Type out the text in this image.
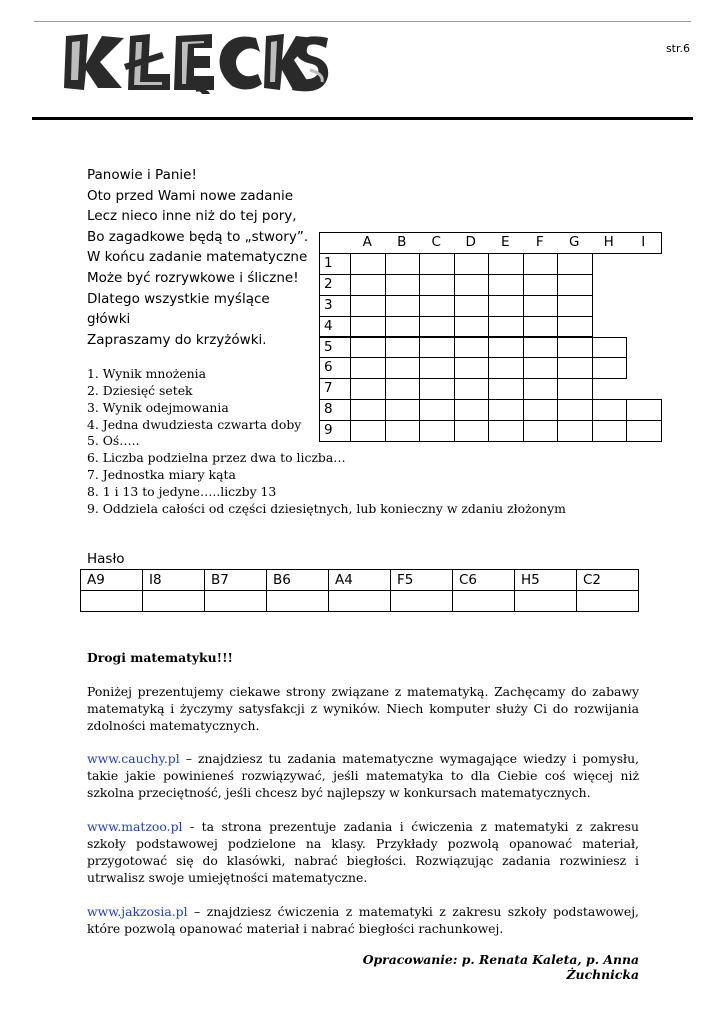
str.6
Panowie i Panie!
Oto przed Wami nowe zadanie
Lecz nieco inne niż do tej pory,
Bo zagadkowe będą to „stwory”.
W końcu zadanie matematyczne
Może być rozrywkowe i śliczne!
Dlatego wszystkie myślące
główki
Zapraszamy do krzyżówki.
A	B	C	D	E	F	G	H	I
1
2
3
4
5
6
7
8
9
1. Wynik mnożenia
2. Dziesięć setek
3. Wynik odejmowania
4. Jedna dwudziesta czwarta doby
5. Oś…..
6. Liczba podzielna przez dwa to liczba…
7. Jednostka miary kąta
8. 1 i 13 to jedyne…..liczby 13
9. Oddziela całości od części dziesiętnych, lub konieczny w zdaniu złożonym
Hasło
A9	I8	B7	B6	A4	F5	C6	H5	C2

Drogi matematyku!!!
Poniżej prezentujemy ciekawe strony związane z matematyką. Zachęcamy do zabawy matematyką i życzymy satysfakcji z wyników. Niech komputer służy Ci do rozwijania zdolności matematycznych.
www.cauchy.pl – znajdziesz tu zadania matematyczne wymagające wiedzy i pomysłu, takie jakie powinieneś rozwiązywać, jeśli matematyka to dla Ciebie coś więcej niż szkolna przeciętność, jeśli chcesz być najlepszy w konkursach matematycznych.
www.matzoo.pl - ta strona prezentuje zadania i ćwiczenia z matematyki z zakresu szkoły podstawowej podzielone na klasy. Przykłady pozwolą opanować materiał, przygotować się do klasówki, nabrać biegłości. Rozwiązując zadania rozwiniesz i utrwalisz swoje umiejętności matematyczne.
www.jakzosia.pl – znajdziesz ćwiczenia z matematyki z zakresu szkoły podstawowej, które pozwolą opanować materiał i nabrać biegłości rachunkowej.
Opracowanie: p. Renata Kaleta, p. Anna Żuchnicka
